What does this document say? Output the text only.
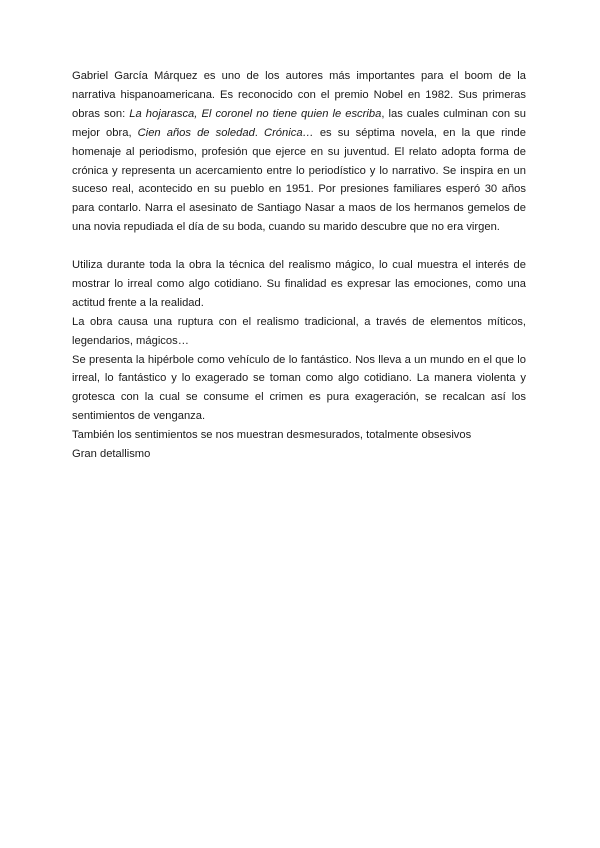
Gabriel García Márquez es uno de los autores más importantes para el boom de la narrativa hispanoamericana. Es reconocido con el premio Nobel en 1982. Sus primeras obras son: La hojarasca, El coronel no tiene quien le escriba, las cuales culminan con su mejor obra, Cien años de soledad. Crónica… es su séptima novela, en la que rinde homenaje al periodismo, profesión que ejerce en su juventud. El relato adopta forma de crónica y representa un acercamiento entre lo periodístico y lo narrativo. Se inspira en un suceso real, acontecido en su pueblo en 1951. Por presiones familiares esperó 30 años para contarlo. Narra el asesinato de Santiago Nasar a maos de los hermanos gemelos de una novia repudiada el día de su boda, cuando su marido descubre que no era virgen.

Utiliza durante toda la obra la técnica del realismo mágico, lo cual muestra el interés de mostrar lo irreal como algo cotidiano. Su finalidad es expresar las emociones, como una actitud frente a la realidad.

La obra causa una ruptura con el realismo tradicional, a través de elementos míticos, legendarios, mágicos…

Se presenta la hipérbole como vehículo de lo fantástico. Nos lleva a un mundo en el que lo irreal, lo fantástico y lo exagerado se toman como algo cotidiano. La manera violenta y grotesca con la cual se consume el crimen es pura exageración, se recalcan así los sentimientos de venganza.

También los sentimientos se nos muestran desmesurados, totalmente obsesivos

Gran detallismo
